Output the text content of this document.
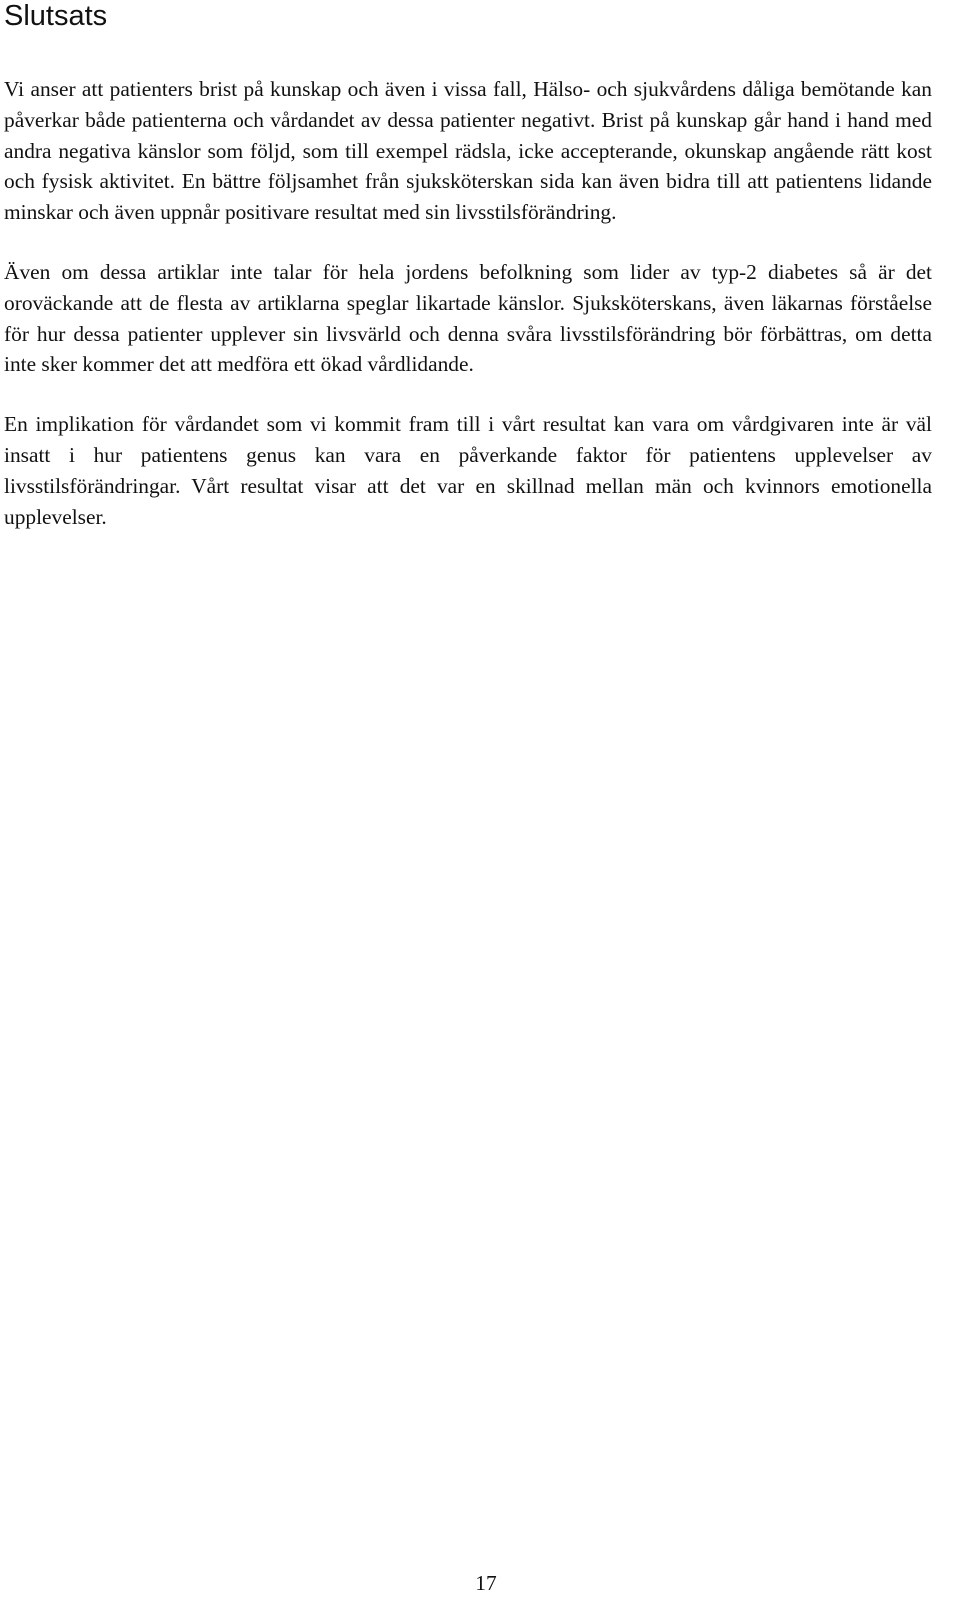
Slutsats

Vi anser att patienters brist på kunskap och även i vissa fall, Hälso- och sjukvårdens dåliga bemötande kan påverkar både patienterna och vårdandet av dessa patienter negativt. Brist på kunskap går hand i hand med andra negativa känslor som följd, som till exempel rädsla, icke accepterande, okunskap angående rätt kost och fysisk aktivitet. En bättre följsamhet från sjuksköterskan sida kan även bidra till att patientens lidande minskar och även uppnår positivare resultat med sin livsstilsförändring.

Även om dessa artiklar inte talar för hela jordens befolkning som lider av typ-2 diabetes så är det oroväckande att de flesta av artiklarna speglar likartade känslor. Sjuksköterskans, även läkarnas förståelse för hur dessa patienter upplever sin livsvärld och denna svåra livsstilsförändring bör förbättras, om detta inte sker kommer det att medföra ett ökad vårdlidande.

En implikation för vårdandet som vi kommit fram till i vårt resultat kan vara om vårdgivaren inte är väl insatt i hur patientens genus kan vara en påverkande faktor för patientens upplevelser av livsstilsförändringar. Vårt resultat visar att det var en skillnad mellan män och kvinnors emotionella upplevelser.

17
